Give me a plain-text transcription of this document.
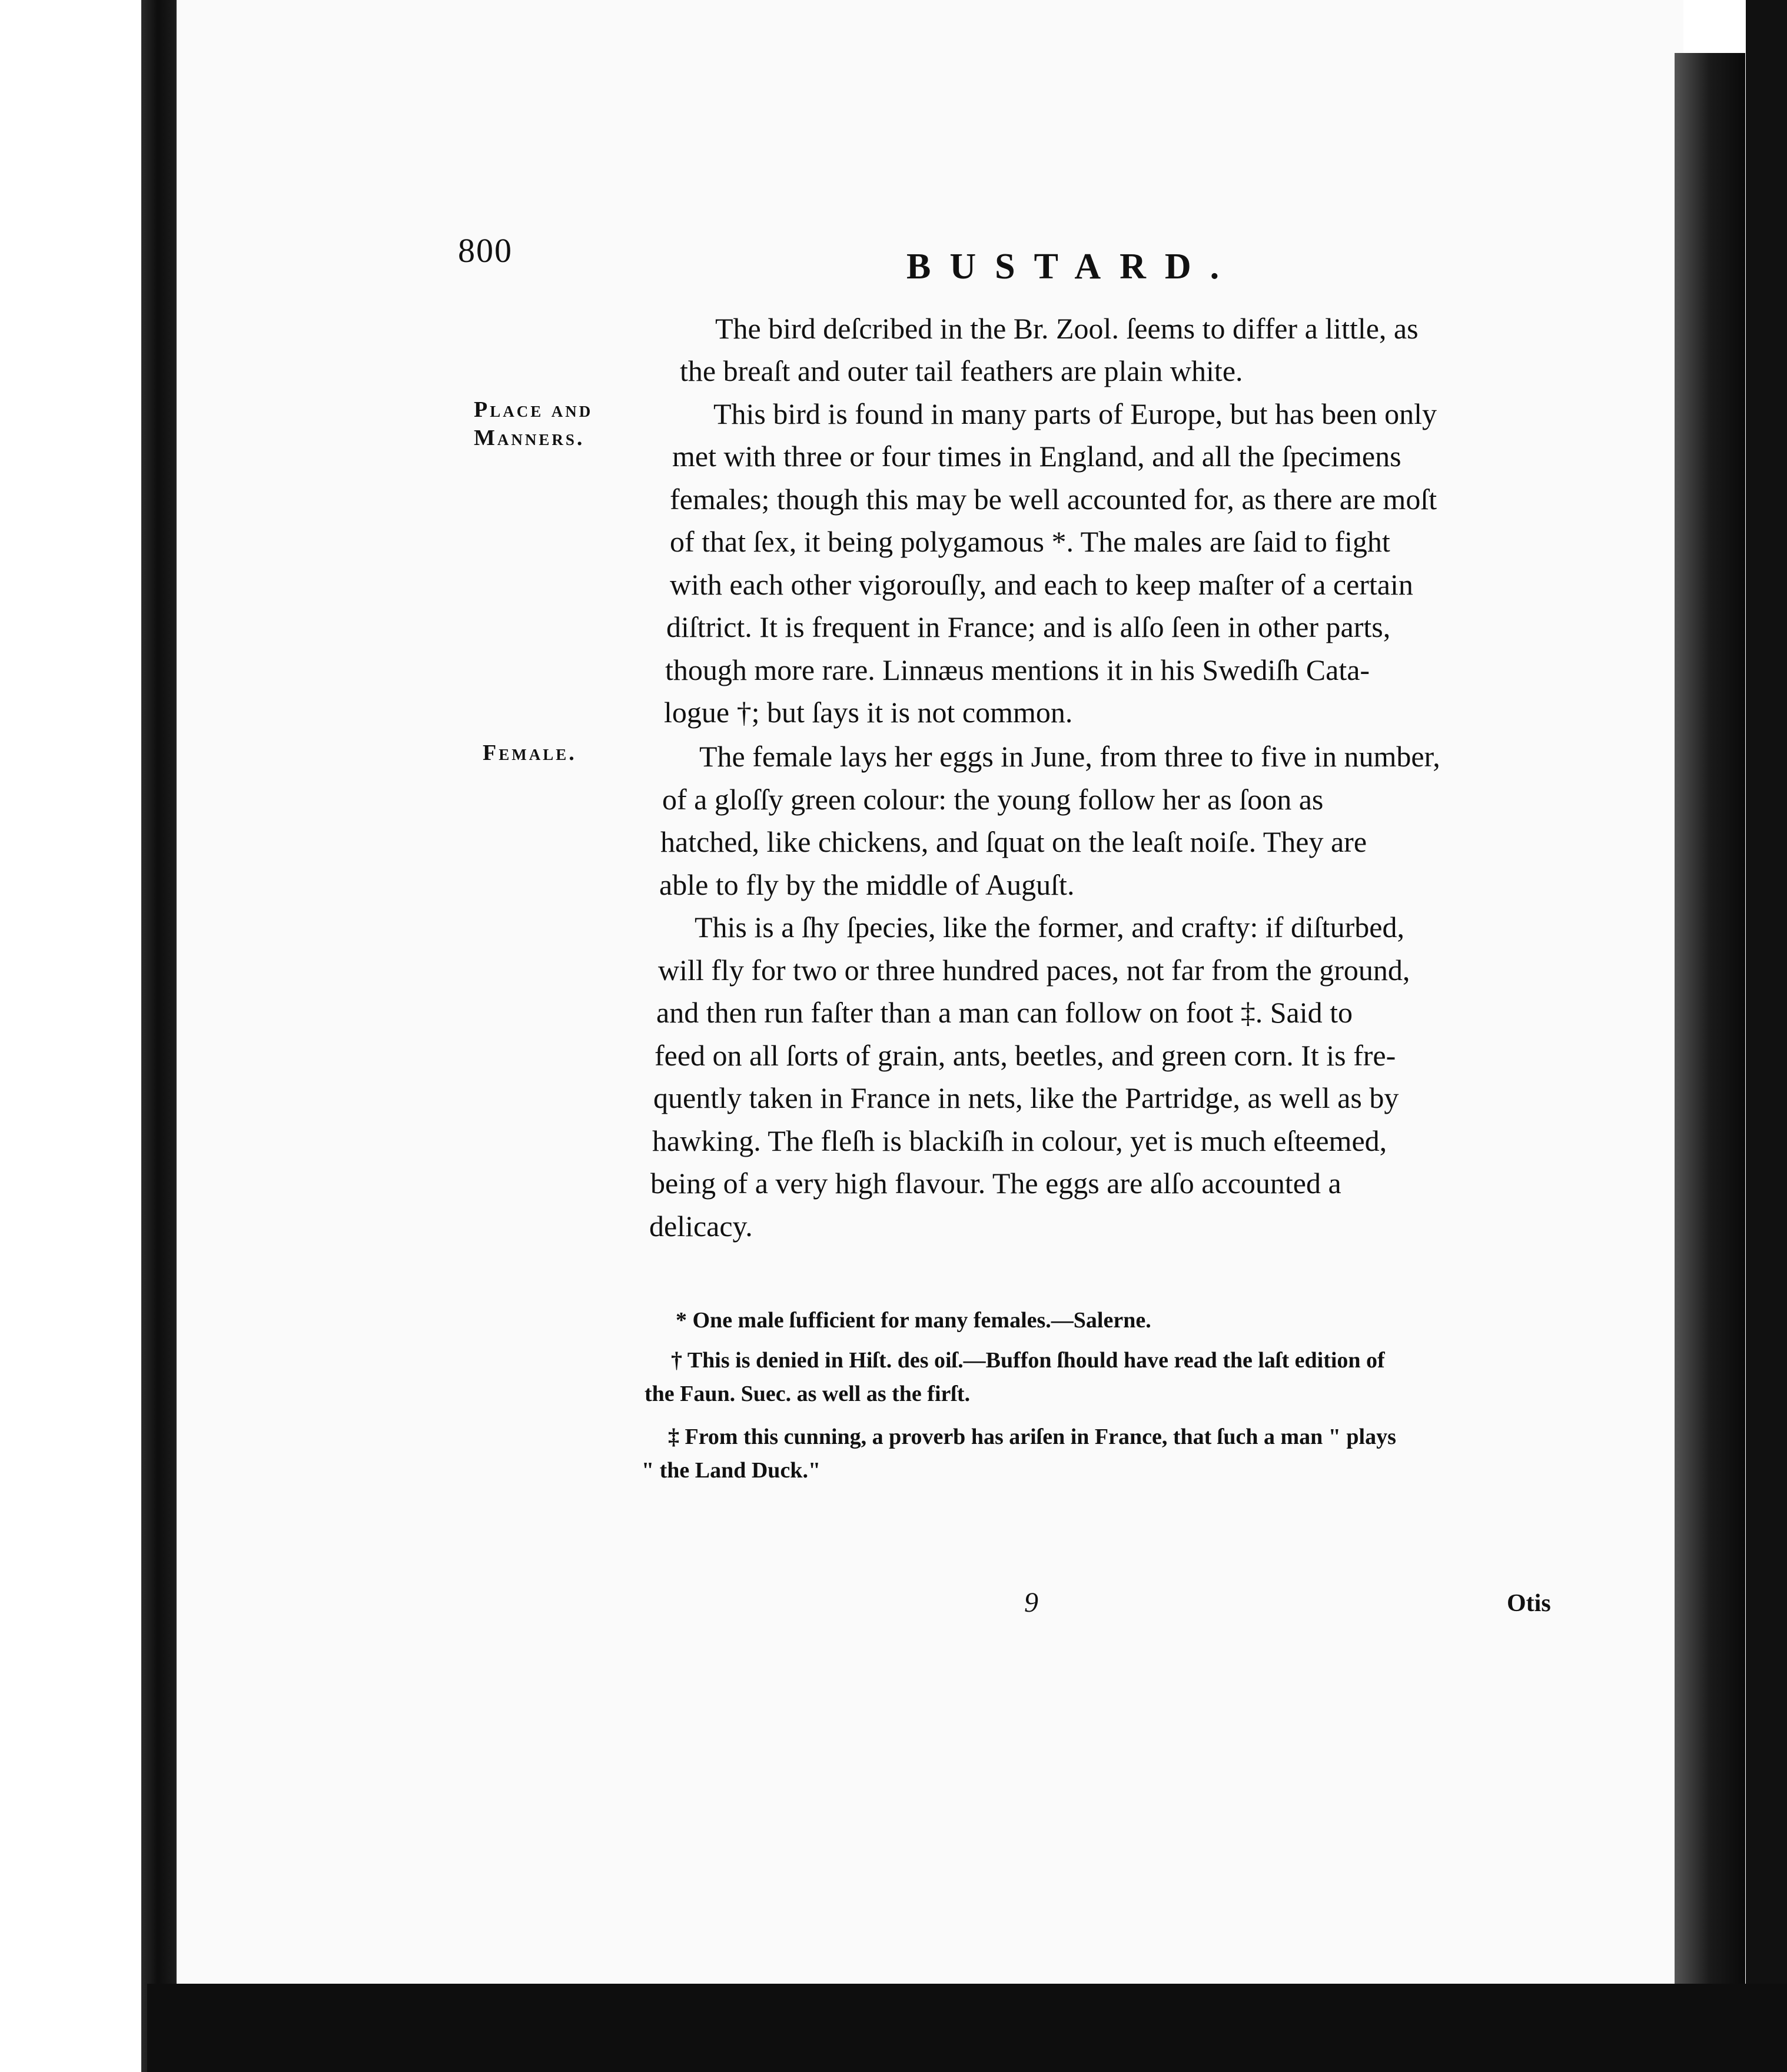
800	BUSTARD.
Place and
Manners.
Female.
The bird deſcribed in the Br. Zool. ſeems to differ a little, as
the breaſt and outer tail feathers are plain white.
This bird is found in many parts of Europe, but has been only
met with three or four times in England, and all the ſpecimens
females; though this may be well accounted for, as there are moſt
of that ſex, it being polygamous *. The males are ſaid to fight
with each other vigorouſly, and each to keep maſter of a certain
diſtrict. It is frequent in France; and is alſo ſeen in other parts,
though more rare. Linnæus mentions it in his Swediſh Cata-
logue †; but ſays it is not common.
The female lays her eggs in June, from three to five in number,
of a gloſſy green colour: the young follow her as ſoon as
hatched, like chickens, and ſquat on the leaſt noiſe. They are
able to fly by the middle of Auguſt.
This is a ſhy ſpecies, like the former, and crafty: if diſturbed,
will fly for two or three hundred paces, not far from the ground,
and then run faſter than a man can follow on foot ‡. Said to
feed on all ſorts of grain, ants, beetles, and green corn. It is fre-
quently taken in France in nets, like the Partridge, as well as by
hawking. The fleſh is blackiſh in colour, yet is much eſteemed,
being of a very high flavour. The eggs are alſo accounted a
delicacy.
* One male ſufficient for many females.—Salerne.
† This is denied in Hiſt. des oiſ.—Buffon ſhould have read the laſt edition of
the Faun. Suec. as well as the firſt.
‡ From this cunning, a proverb has ariſen in France, that ſuch a man " plays
" the Land Duck."
9	Otis
